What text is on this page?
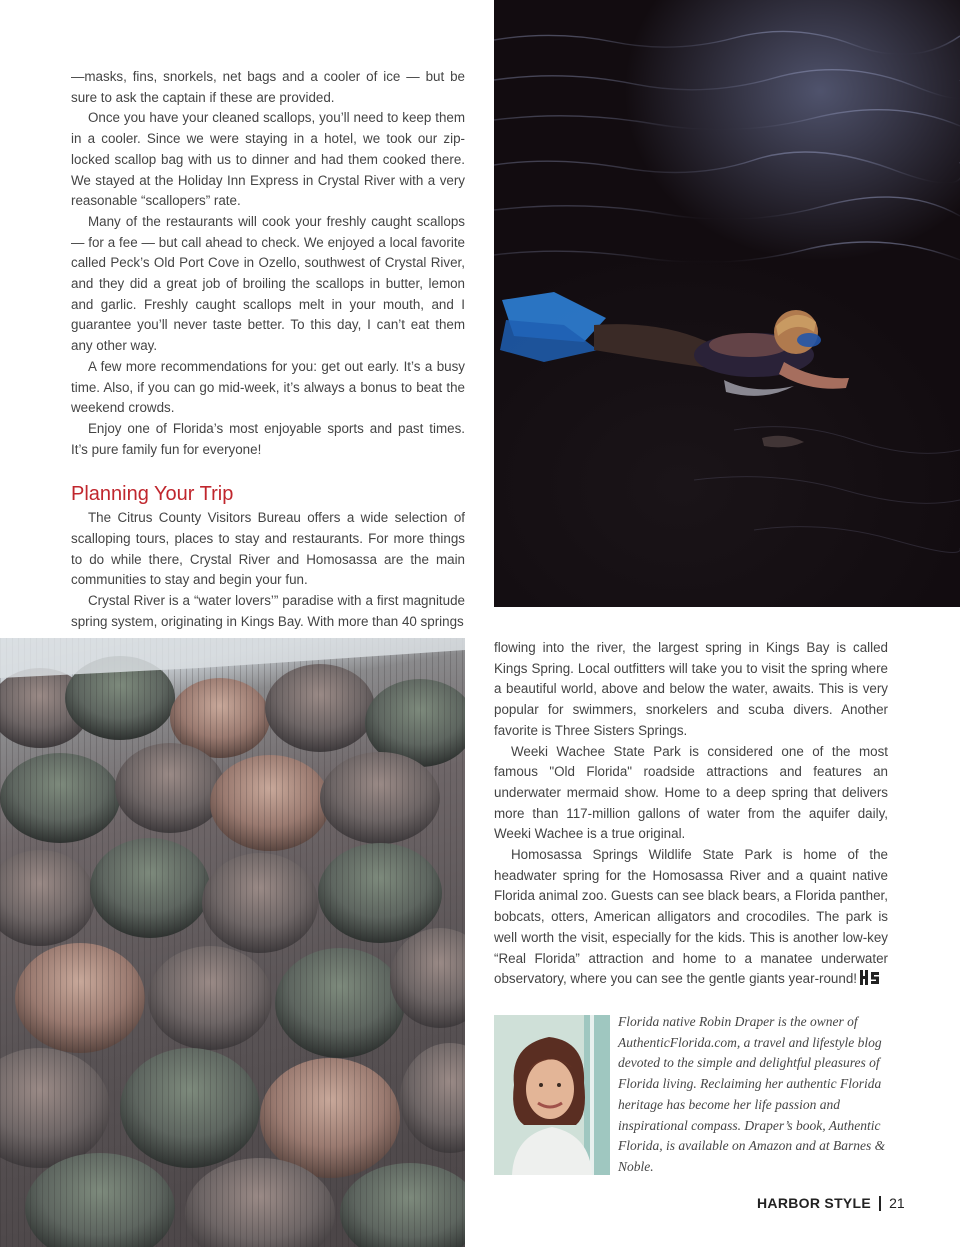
—masks, fins, snorkels, net bags and a cooler of ice — but be sure to ask the captain if these are provided.

Once you have your cleaned scallops, you’ll need to keep them in a cooler. Since we were staying in a hotel, we took our zip-locked scallop bag with us to dinner and had them cooked there. We stayed at the Holiday Inn Express in Crystal River with a very reasonable “scallopers” rate.

Many of the restaurants will cook your freshly caught scallops — for a fee — but call ahead to check. We enjoyed a local favorite called Peck’s Old Port Cove in Ozello, southwest of Crystal River, and they did a great job of broiling the scallops in butter, lemon and garlic. Freshly caught scallops melt in your mouth, and I guarantee you’ll never taste better. To this day, I can’t eat them any other way.

A few more recommendations for you: get out early. It’s a busy time. Also, if you can go mid-week, it’s always a bonus to beat the weekend crowds.

Enjoy one of Florida’s most enjoyable sports and past times. It’s pure family fun for everyone!

Planning Your Trip

The Citrus County Visitors Bureau offers a wide selection of scalloping tours, places to stay and restaurants. For more things to do while there, Crystal River and Homosassa are the main communities to stay and begin your fun.

Crystal River is a “water lovers’” paradise with a first magnitude spring system, originating in Kings Bay. With more than 40 springs

flowing into the river, the largest spring in Kings Bay is called Kings Spring. Local outfitters will take you to visit the spring where a beautiful world, above and below the water, awaits. This is very popular for swimmers, snorkelers and scuba divers. Another favorite is Three Sisters Springs.

Weeki Wachee State Park is considered one of the most famous "Old Florida" roadside attractions and features an underwater mermaid show. Home to a deep spring that delivers more than 117-million gallons of water from the aquifer daily, Weeki Wachee is a true original.

Homosassa Springs Wildlife State Park is home of the headwater spring for the Homosassa River and a quaint native Florida animal zoo. Guests can see black bears, a Florida panther, bobcats, otters, American alligators and crocodiles. The park is well worth the visit, especially for the kids. This is another low-key “Real Florida” attraction and home to a manatee underwater observatory, where you can see the gentle giants year-round!

Florida native Robin Draper is the owner of AuthenticFlorida.com, a travel and lifestyle blog devoted to the simple and delightful pleasures of Florida living. Reclaiming her authentic Florida heritage has become her life passion and inspirational compass. Draper’s book, Authentic Florida, is available on Amazon and at Barnes & Noble.
HARBOR STYLE 21
